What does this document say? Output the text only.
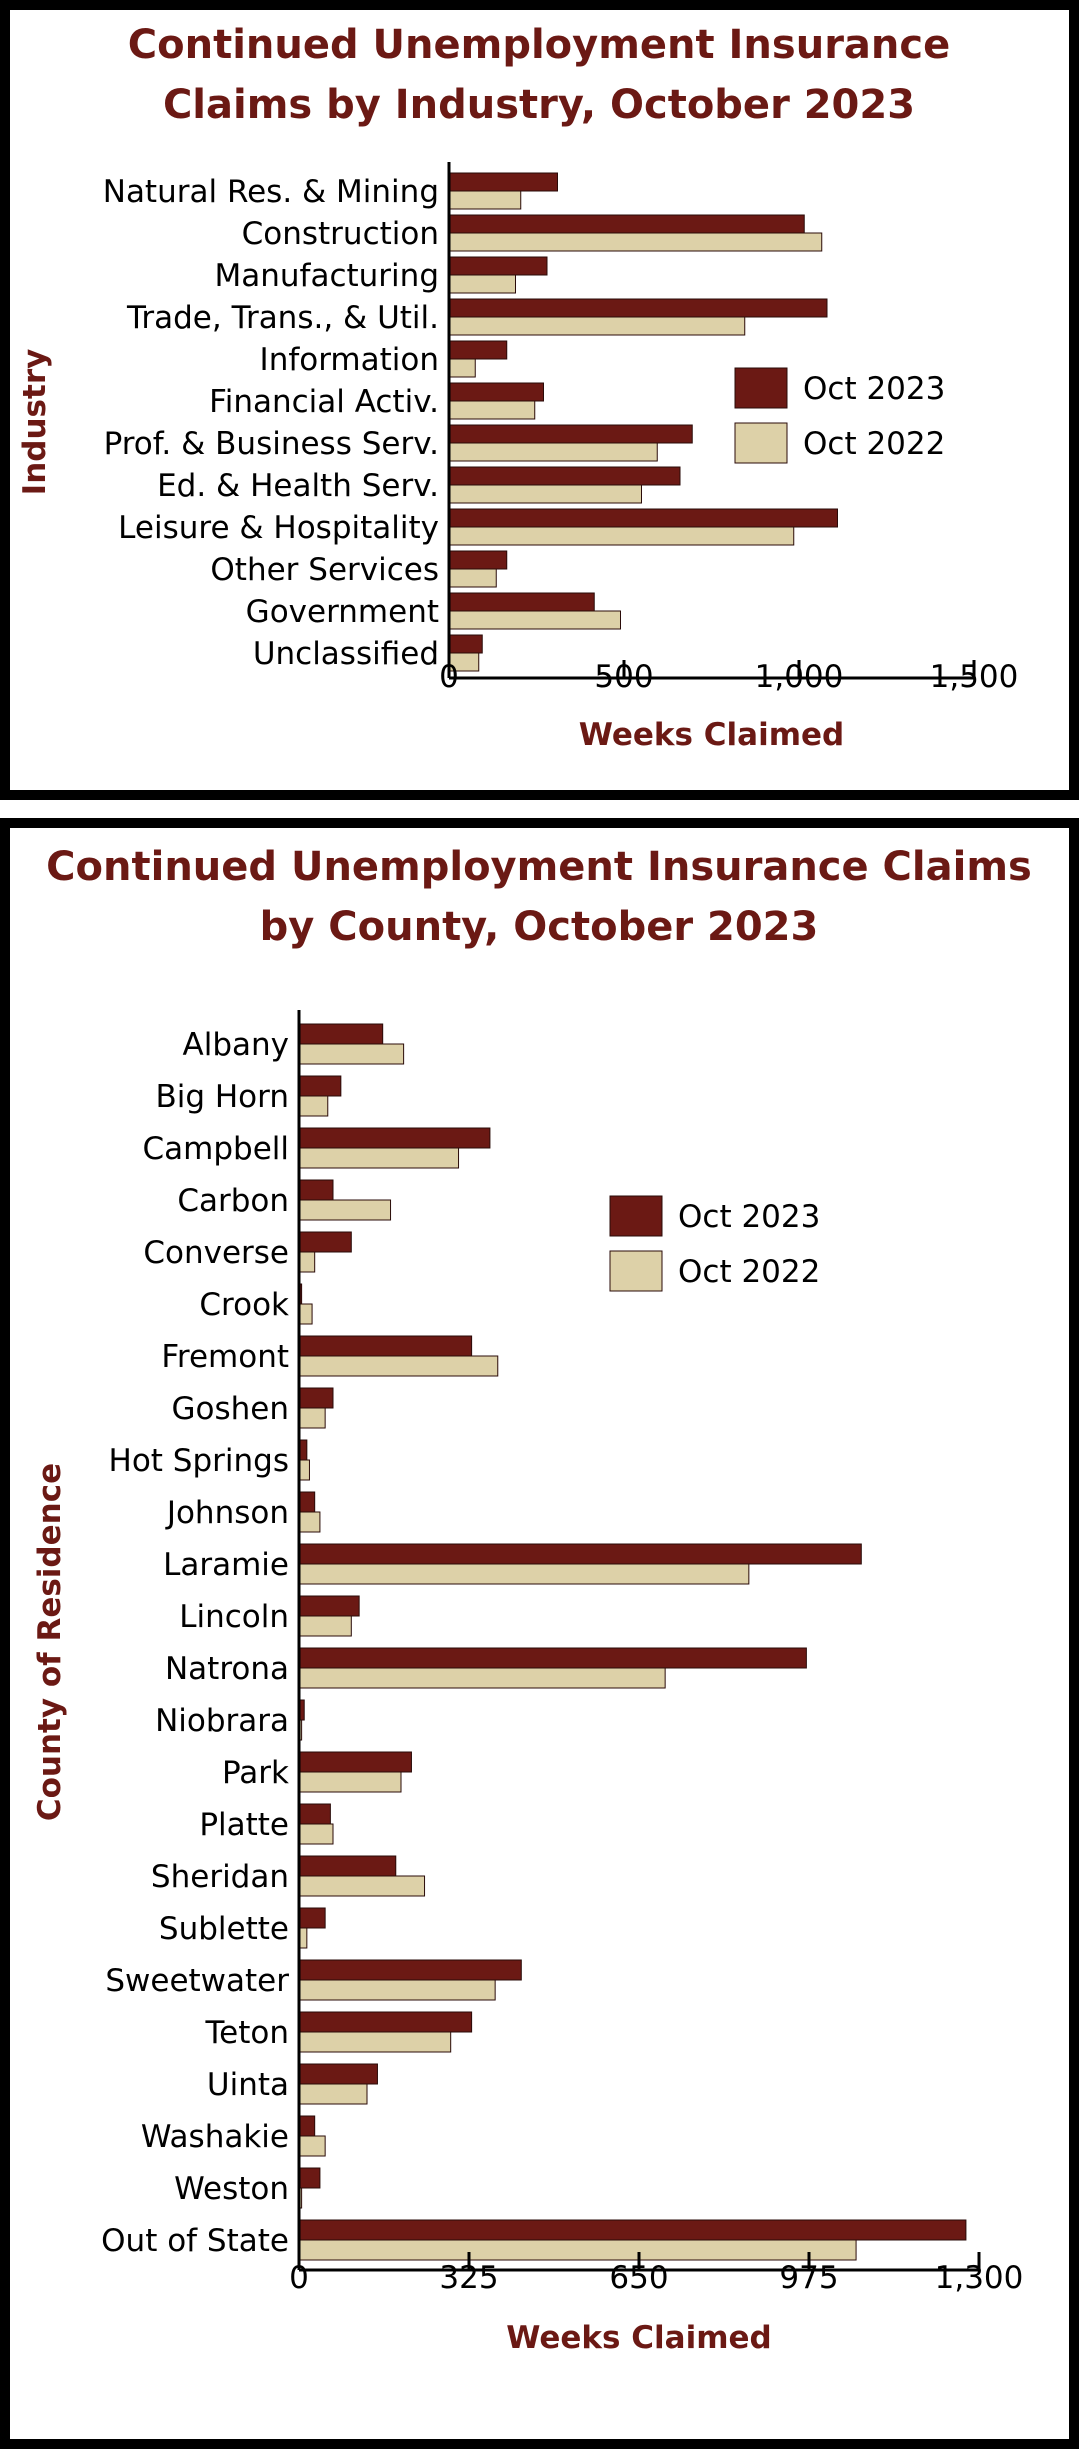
Continued Unemployment Insurance
Claims by Industry, October 2023
Natural Res. & Mining
Construction
Manufacturing
Trade, Trans., & Util.
Information
Financial Activ.
Prof. & Business Serv.
Ed. & Health Serv.
Leisure & Hospitality
Other Services
Government
Unclassified
0	500	1,000	1,500
Weeks Claimed
Industry	Oct 2023
Oct 2022
Continued Unemployment Insurance Claims
by County, October 2023
Albany
Big Horn
Campbell
Carbon
Converse
Crook
Fremont
Goshen
Hot Springs
Johnson
Laramie
Lincoln
Natrona
Niobrara
Park
Platte
Sheridan
Sublette
Sweetwater
Teton
Uinta
Washakie
Weston
Out of State
0	325	650	975	1,300
Weeks Claimed
County of Residence
Oct 2023
Oct 2022
